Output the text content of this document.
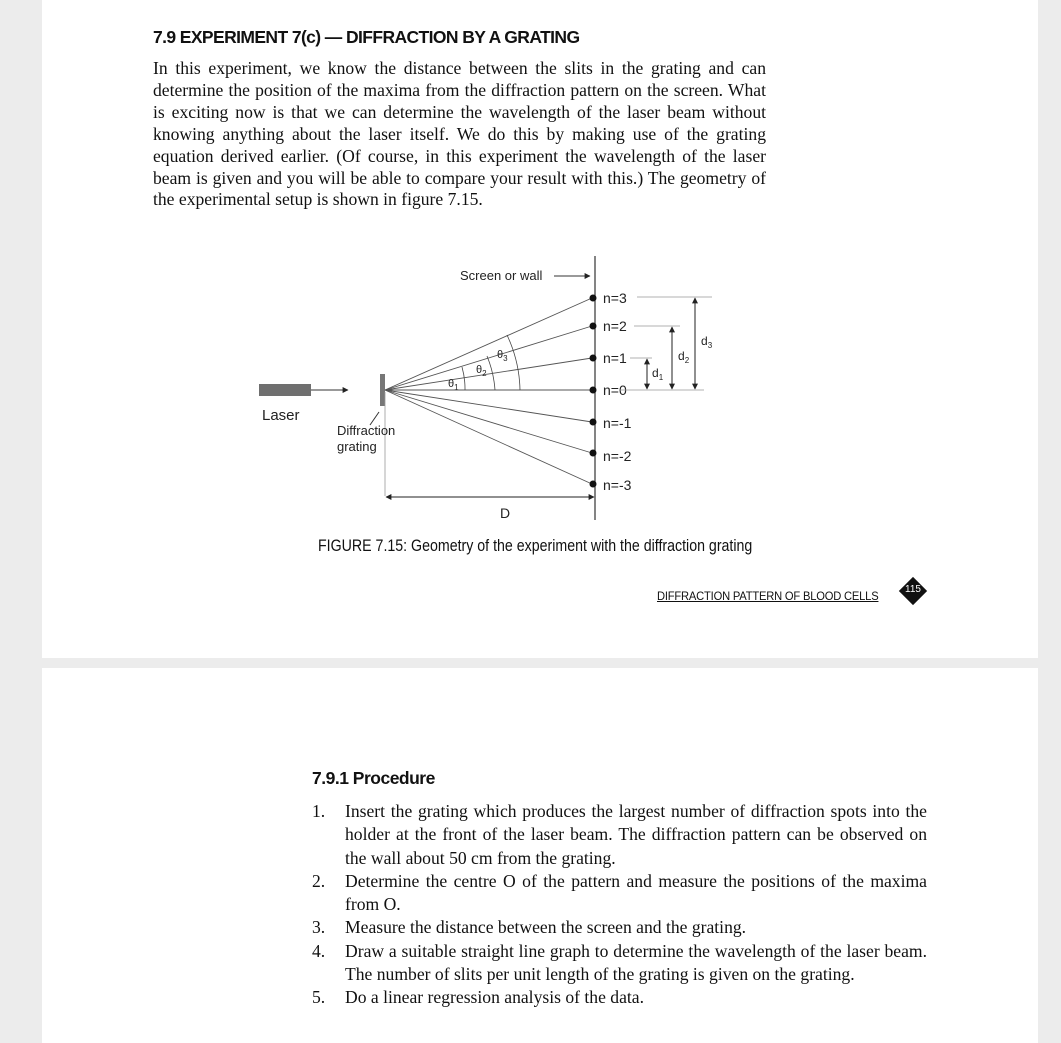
7.9 EXPERIMENT 7(c) — DIFFRACTION BY A GRATING

In this experiment, we know the distance between the slits in the grating and can determine the position of the maxima from the diffraction pattern on the screen. What is exciting now is that we can determine the wavelength of the laser beam without knowing anything about the laser itself. We do this by making use of the grating equation derived earlier. (Of course, in this experiment the wavelength of the laser beam is given and you will be able to compare your result with this.) The geometry of the experimental setup is shown in figure 7.15.

Laser
Diffraction
grating
Screen or wall
$\theta_1$
$\theta_2$
$\theta_3$
n=3
n=2
n=1
n=0
n=-1
n=-2
n=-3
$d_1$
$d_2$
$d_3$
D
FIGURE 7.15: Geometry of the experiment with the diffraction grating
DIFFRACTION PATTERN OF BLOOD CELLS	115
7.9.1 Procedure
1. Insert the grating which produces the largest number of diffraction spots into the holder at the front of the laser beam. The diffraction pattern can be observed on the wall about 50 cm from the grating.
2. Determine the centre O of the pattern and measure the positions of the maxima from O.
3. Measure the distance between the screen and the grating.
4. Draw a suitable straight line graph to determine the wavelength of the laser beam. The number of slits per unit length of the grating is given on the grating.
5. Do a linear regression analysis of the data.
